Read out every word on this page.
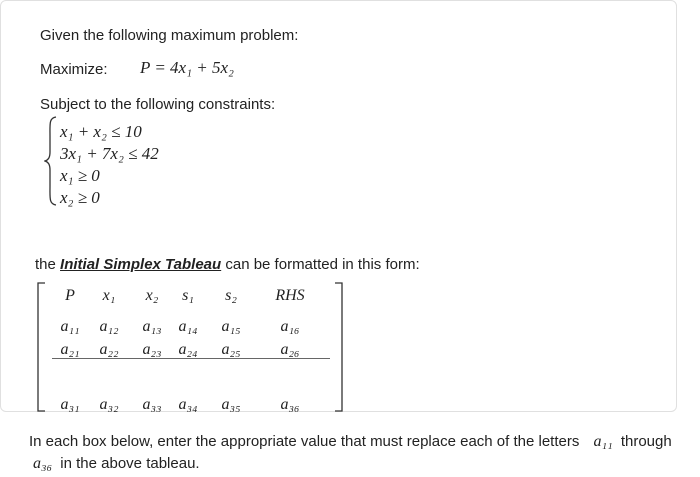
Given the following maximum problem:
Maximize: P = 4x₁ + 5x₂
Subject to the following constraints:
x₁ + x₂ ≤ 10
3x₁ + 7x₂ ≤ 42
x₁ ≥ 0
x₂ ≥ 0
the Initial Simplex Tableau can be formatted in this form:
P	x₁	x₂	s₁	s₂	RHS
a₁₁	a₁₂	a₁₃	a₁₄	a₁₅	a₁₆
a₂₁	a₂₂	a₂₃	a₂₄	a₂₅	a₂₆
a₃₁	a₃₂	a₃₃	a₃₄	a₃₅	a₃₆
In each box below, enter the appropriate value that must replace each of the letters a₁₁ through
a₃₆ in the above tableau.
